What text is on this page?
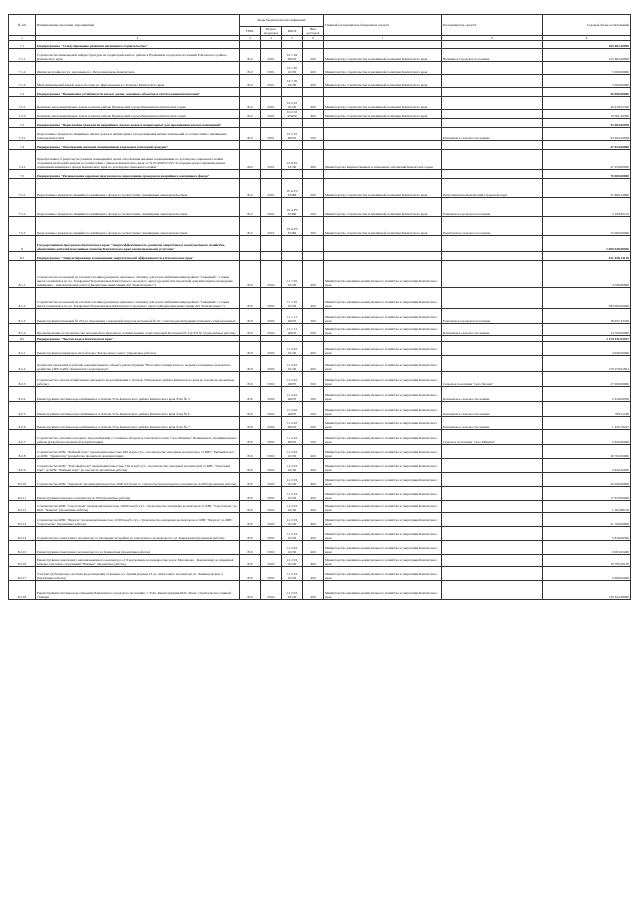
№ п/п	Наименование программ, мероприятий	Коды бюджетной классификации				Главный распорядитель бюджетных средств	Распорядитель средств	Годовой объем ассигнований
		ГРБС	Раздел, подраздел	КЦСР	Вид расходов			
1	2	3	4	5	6	7	8	9
7.1	Подпрограмма "Стимулирование развития жилищного строительства"							165 602,46000
7.1.1	Строительство инженерной инфраструктуры на территории жилого района в Вулканном городском поселении Елизовского района Камчатского края	812	0501	10 1 04 40070	500	Министерство строительства и жилищной политики Камчатского края	Вулканное городское поселение	155 602,46000
7.1.2	Жилая застройка на ул. Арсеньева в г. Петропавловске-Камчатском	812	0501	10 1 05 10130	400	Министерство строительства и жилищной политики Камчатского края		5 000,00000
7.1.3	Многоквартирный жилой дом в поселке ул. Жупановская в г. Елизово Камчатского края	812	0501	10 1 05 10130	400	Министерство строительства и жилищной политики Камчатского края		5 000,00000
7.2	Подпрограмма "Повышение устойчивости жилых домов, основных объектов и систем жизнеобеспечения"							50 000,00000
7.2.1	Комплекс многоквартирных домов в жилом районе Приморский города Вилючинска Камчатского края	812	0501	10 2 01 10130	400	Министерство строительства и жилищной политики Камчатского края		30 418,55700
7.2.2	Комплекс многоквартирных домов в жилом районе Приморский города Вилючинска Камчатского края	812	0501	10 2 01 R5400	400	Министерство строительства и жилищной политики Камчатского края		19 581,44300
7.3	Подпрограмма "Переселение граждан из аварийных жилых домов и непригодных для проживания жилых помещений"							53 464,56938
7.3.1	Переселение граждан из аварийных жилых домов и непригодных для проживания жилых помещений в соответствии с жилищным законодательством	812	0501	10 3 01 40070	500		Ключевское сельское поселение	53 464,56938
7.4	Подпрограмма "Обеспечение жилыми помещениями отдельных категорий граждан"							47 034,00000
7.4.1	Приобретение (строительство) жилых помещений в целях обеспечения жилыми помещениями по договорам социального найма отдельных категорий граждан в соответствии с Законом Камчатского края от 31.03.2009 N 253 "О порядке предоставления жилых помещений жилищного фонда Камчатского края по договорам социального найма"	822	0501	10 9 01 10130	400	Министерство имущественных и земельных отношений Камчатского края		47 034,00000
7.5	Подпрограмма "Региональная адресная программа по переселению граждан из аварийного жилищного фонда"							70 000,00000
7.5.1	Переселение граждан из аварийного жилищного фонда в соответствии с жилищным законодательством	812	0501	10 А F3 67484	500	Министерство строительства и жилищной политики Камчатского края	Петропавловск-Камчатский городской округ	51 899,14890
7.5.2	Переселение граждан из аварийного жилищного фонда в соответствии с жилищным законодательством	812	0501	10 А F3 67484	500	Министерство строительства и жилищной политики Камчатского края	Елизовское городское поселение	3 100,85110
7.5.3	Переселение граждан из аварийного жилищного фонда в соответствии с жилищным законодательством	812	0501	10 А F3 67484	500	Министерство строительства и жилищной политики Камчатского края	Паратунское сельское поселение	15 000,00000
8	Государственная программа Камчатского края "Энергоэффективность, развитие энергетики и коммунального хозяйства, обеспечение жителей населенных пунктов Камчатского края коммунальными услугами"							1 600 948,08056
8.1	Подпрограмма "Энергосбережение и повышение энергетической эффективности в Камчатском крае"							421 936,14129
8.1.1	Строительство котельной на газовом топливе (резервное дизельное топливо) для теплоснабжения микрорайона "Северный", а также жилого комплекса по ул. Тундровая Петропавловск-Камчатского городского округа (разработка проектной документации и проведение инженерно - изыскательских работ) (Бюджетные инвестиции АО "Камчатэнерго")	810	0502	11 1 05 10130	400	Министерство жилищно-коммунального хозяйства и энергетики Камчатского края		4 598,80800
8.1.2	Строительство котельной на газовом топливе (резервное дизельное топливо) для теплоснабжения микрорайона "Северный", а также жилого комплекса по ул. Тундровая Петропавловск-Камчатского городского округа (Бюджетные инвестиции АО "Камчатэнерго")	810	0502	11 1 05 10130	400	Министерство жилищно-коммунального хозяйства и энергетики Камчатского края		384 000,00000
8.1.3	Реконструкция котельной № 20 (ул. Дорожная) с передачей нагрузок котельной № 10 с учетом реконструкции тепловых сетей котельных	810	0502	11 1 11 40070	500	Министерство жилищно-коммунального хозяйства и энергетики Камчатского края	Елизовское городское поселение	18 637,33329
8.1.4	Проектирование и строительство котельной на дизельном топливе взамен существующей Котельная № 3 (СТП № 3) (проектные работы)	810	0502	11 1 11 40070	500	Министерство жилищно-коммунального хозяйства и энергетики Камчатского края	Ключевское сельское поселение	14 700,00000
8.2	Подпрограмма "Чистая вода в Камчатском крае"							1 179 011,93927
8.2.1	Реконструкция резервуаров чистой воды "Богородское озеро" (проектные работы)	810	0502	11 2 02 10130	400	Министерство жилищно-коммунального хозяйства и энергетики Камчатского края		4 949,00000
8.2.2	Доработка проектной и рабочей документации по объекту реконструкции "Насосная станция второго подъема и камерное реагентное хозяйство (ЗРУ-6 кВ) "Авачинского водопровода"	810	0502	11 2 02 10130	400	Министерство жилищно-коммунального хозяйства и энергетики Камчатского края		179 279,61831
8.2.3	Строительство систем хозяйственно-питьевого водоснабжения с. Лесная, Тигильского района Камчатского края (в том числе проектные работы)	810	0502	11 2 02 40070	500	Министерство жилищно-коммунального хозяйства и энергетики Камчатского края	Сельское поселение "село Лесная"	27 000,00000
8.2.4	Реконструкция системы водоснабжения в п. Ключи Усть-Камчатского района Камчатского края Этап № 5	810	0502	11 2 02 40070	500	Министерство жилищно-коммунального хозяйства и энергетики Камчатского края	Ключевское сельское поселение	2 619,06509
8.2.5	Реконструкция системы водоснабжения в п. Ключи Усть-Камчатского района Камчатского края Этап № 6	810	0502	11 2 02 40070	500	Министерство жилищно-коммунального хозяйства и энергетики Камчатского края	Ключевское сельское поселение	799,51180
8.2.6	Реконструкция системы водоснабжения в п. Ключи Усть-Камчатского района Камчатского края Этап № 7	810	0502	11 2 02 40070	500	Министерство жилищно-коммунального хозяйства и энергетики Камчатского края	Ключевское сельское поселение	1 450,76225
8.2.7	Строительство системы холодного водоснабжения с головным забором и очисткой поселка "село Манилы" Пенжинского муниципального района (разработка проектной документации)	810	0502	11 2 02 40070	500	Министерство жилищно-коммунального хозяйства и энергетики Камчатского края	Сельское поселение "село Манилы"	3 430,00000
8.2.8	Строительство КНС "Рыбный порт" производительностью 466 м.куб./сут., строительство напорных коллекторов от КНС "Рыбный порт" до КНС "Драмтеатр" (разработка проектной документации)	810	0502	11 2 03 10130	400	Министерство жилищно-коммунального хозяйства и энергетики Камчатского края		20 702,00000
8.2.9	Строительство КНС "Торговый порт" производительностью 150 м.куб./сут., строительство напорных коллекторов от КНС "Торговый порт" до КНС "Рыбный порт" (в том числе проектные работы)	810	0502	11 2 03 10130	400	Министерство жилищно-коммунального хозяйства и энергетики Камчатского края		4 639,42000
8.2.10	Строительство КНС "Заречная" производительностью 2000 м3/сутки со строительством напорного коллектора Д-200 (проектные работы)	810	0502	11 2 03 10130	400	Министерство жилищно-коммунального хозяйства и энергетики Камчатского края		29 290,00000
8.2.11	Реконструкция напорного коллектора Д-700 (проектные работы)	810	0502	11 2 03 10130	400	Министерство жилищно-коммунального хозяйства и энергетики Камчатского края		17 970,00000
8.2.12	Строительство КНС "Серогалова" производительностью 16590 м.куб./сут., строительство напорных коллекторов от КНС "Серогалова" до КОС "Чавыча" (проектные работы)	810	0502	11 2 03 10130	400	Министерство жилищно-коммунального хозяйства и энергетики Камчатского края		1 365,88156
8.2.13	Строительство КНС "Фрунзе" производительностью 11300 м.куб./сут., строительство напорных коллекторов от КНС "Фрунзе" до КНС "Серогалова" (проектные работы)	810	0502	11 2 03 10130	400	Министерство жилищно-коммунального хозяйства и энергетики Камчатского края		21 700,00000
8.2.14	Строительство самотечного коллектора от площадки застройки до самотечного коллектора по ул. Кавказская (проектные работы)	810	0502	11 2 03 10130	400	Министерство жилищно-коммунального хозяйства и энергетики Камчатского края		5 818,06500
8.2.15	Реконструкция самотечного коллектора по ул. Кавказская (проектные работы)	810	0502	11 2 03 10130	400	Министерство жилищно-коммунального хозяйства и энергетики Камчатского края		6 903,65200
8.2.16	Реконструкция самотечного канализационного коллектора от 8 км (камеры на перекрестке дорог Молчанова - Ковальская) до приемной камеры очистных сооружений "Южные" (проектные работы)	810	0502	11 2 03 10130	400	Министерство жилищно-коммунального хозяйства и энергетики Камчатского края		19 795,50150
8.2.17	Участки трубопровода системы водоотведения от камеры ул. Ленинградская,13 до самотечного коллектора ул. Ленинградская, 3 (проектные работы)	810	0502	11 2 03 10130	400	Министерство жилищно-коммунального хозяйства и энергетики Камчатского края		2 960,00000
8.2.18	Реконструкция системы водоотведения Елизовского городского поселения. 1 Этап. Реконструкция КОС-29 км, строительство главной станции	810	0502	11 2 03 10130	400	Министерство жилищно-коммунального хозяйства и энергетики Камчатского края		130 642,98000
